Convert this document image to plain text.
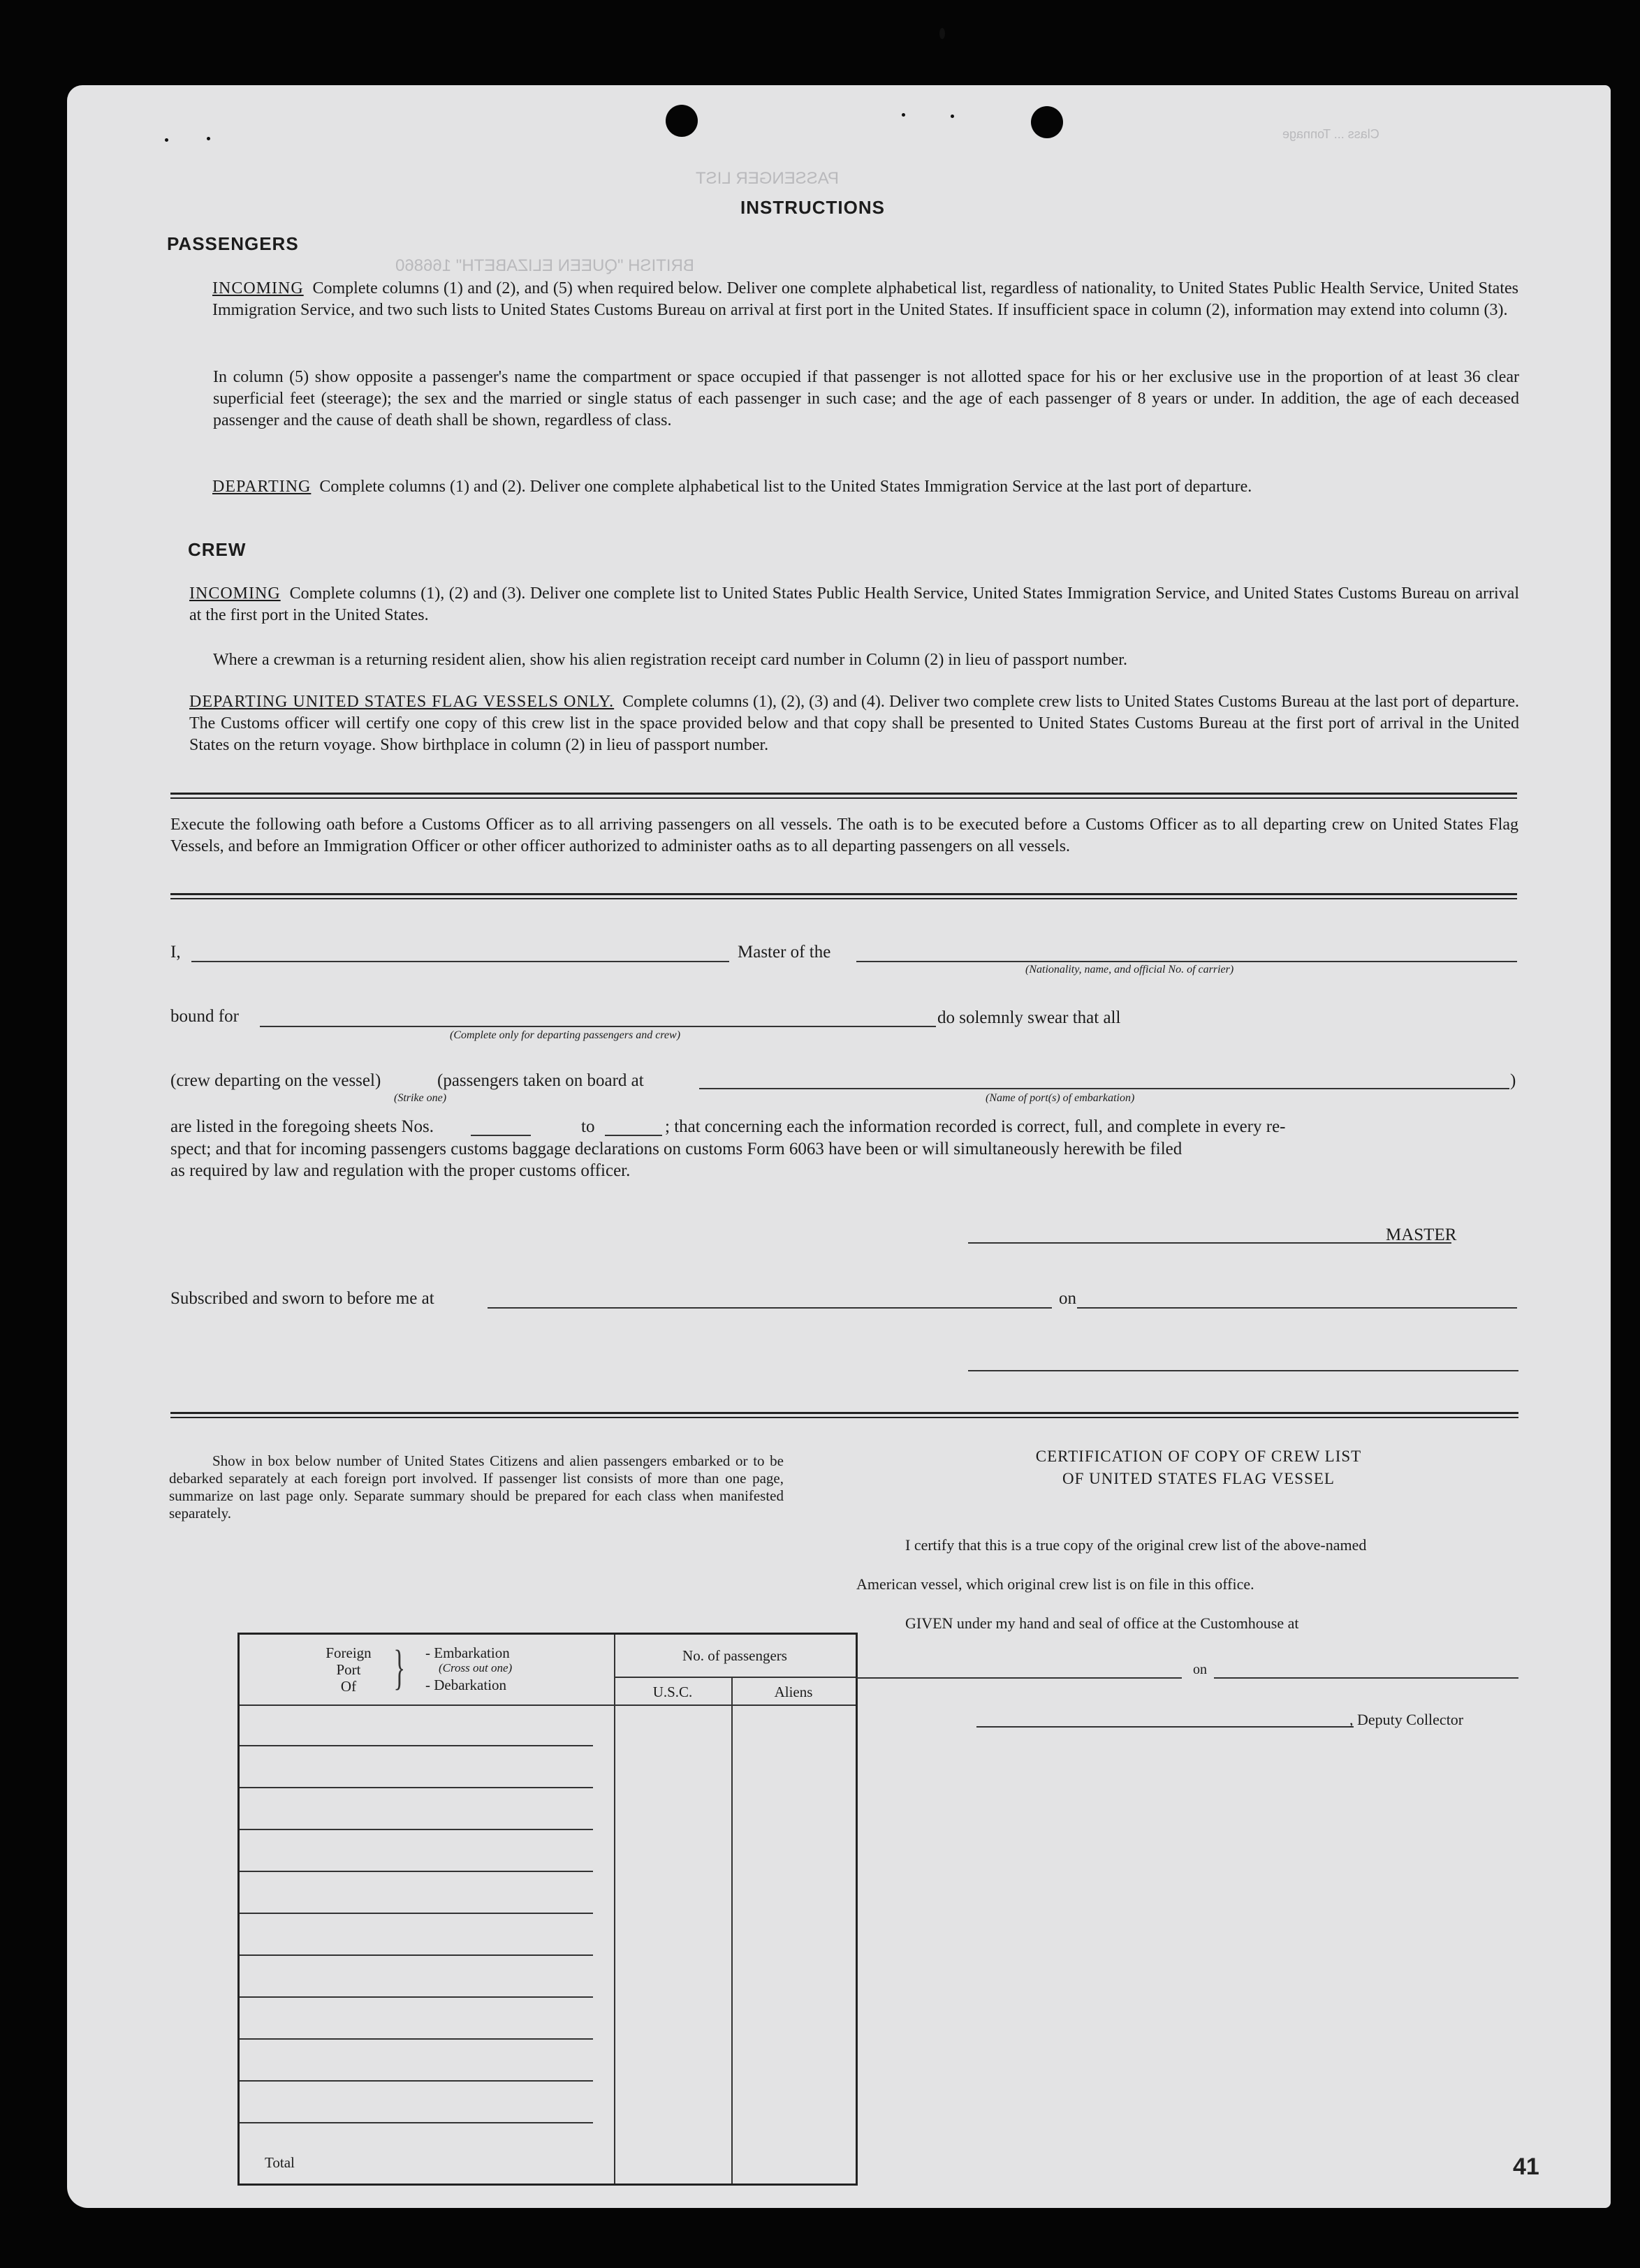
PASSENGER LIST
BRITISH "QUEEN ELIZABETH" 166860
Class ... Tonnage
INSTRUCTIONS
PASSENGERS
INCOMING Complete columns (1) and (2), and (5) when required below. Deliver one complete alphabetical list, regardless of nationality, to United States Public Health Service, United States Immigration Service, and two such lists to United States Customs Bureau on arrival at first port in the United States. If insufficient space in column (2), information may extend into column (3).
In column (5) show opposite a passenger's name the compartment or space occupied if that passenger is not allotted space for his or her exclusive use in the proportion of at least 36 clear superficial feet (steerage); the sex and the married or single status of each passenger in such case; and the age of each passenger of 8 years or under. In addition, the age of each deceased passenger and the cause of death shall be shown, regardless of class.
DEPARTING Complete columns (1) and (2). Deliver one complete alphabetical list to the United States Immigration Service at the last port of departure.
CREW
INCOMING Complete columns (1), (2) and (3). Deliver one complete list to United States Public Health Service, United States Immigration Service, and United States Customs Bureau on arrival at the first port in the United States.
Where a crewman is a returning resident alien, show his alien registration receipt card number in Column (2) in lieu of passport number.
DEPARTING UNITED STATES FLAG VESSELS ONLY. Complete columns (1), (2), (3) and (4). Deliver two complete crew lists to United States Customs Bureau at the last port of departure. The Customs officer will certify one copy of this crew list in the space provided below and that copy shall be presented to United States Customs Bureau at the first port of arrival in the United States on the return voyage. Show birthplace in column (2) in lieu of passport number.
Execute the following oath before a Customs Officer as to all arriving passengers on all vessels. The oath is to be executed before a Customs Officer as to all departing crew on United States Flag Vessels, and before an Immigration Officer or other officer authorized to administer oaths as to all departing passengers on all vessels.
I,	Master of the
(Nationality, name, and official No. of carrier)
bound for
(Complete only for departing passengers and crew)
do solemnly swear that all
(crew departing on the vessel)	(passengers taken on board at	)
(Strike one)	(Name of port(s) of embarkation)
are listed in the foregoing sheets Nos.	to	; that concerning each the information recorded is correct, full, and complete in every re-
spect; and that for incoming passengers customs baggage declarations on customs Form 6063 have been or will simultaneously herewith be filed
as required by law and regulation with the proper customs officer.
MASTER
Subscribed and sworn to before me at	on
Show in box below number of United States Citizens and alien passengers embarked or to be debarked separately at each foreign port involved. If passenger list consists of more than one page, summarize on last page only. Separate summary should be prepared for each class when manifested separately.
Foreign
Port
Of } - Embarkation
(Cross out one)
- Debarkation
No. of passengers
U.S.C.	Aliens
Total
CERTIFICATION OF COPY OF CREW LIST
OF UNITED STATES FLAG VESSEL
I certify that this is a true copy of the original crew list of the above-named
American vessel, which original crew list is on file in this office.
GIVEN under my hand and seal of office at the Customhouse at
on
, Deputy Collector
41
